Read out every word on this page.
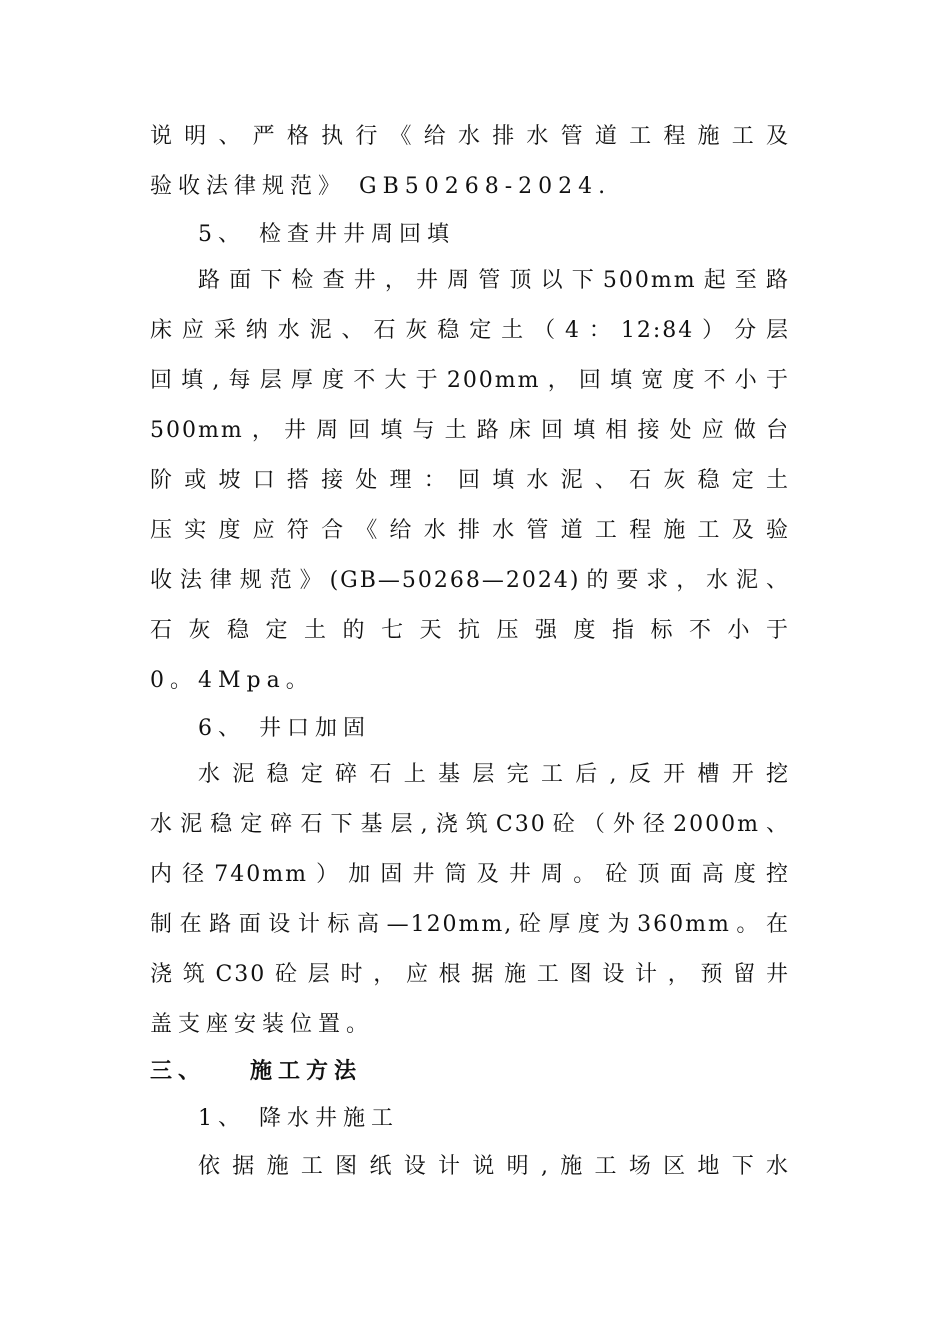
说明、严格执行《给水排水管道工程施工及
验收法律规范》 GB50268-2024.
5、 检查井井周回填
路面下检查井，井周管顶以下500mm起至路
床应采纳水泥、石灰稳定土（4：12:84）分层
回填,每层厚度不大于200mm，回填宽度不小于
500mm，井周回填与土路床回填相接处应做台
阶或坡口搭接处理：回填水泥、石灰稳定土
压实度应符合《给水排水管道工程施工及验
收法律规范》(GB—50268—2024)的要求，水泥、
石灰稳定土的七天抗压强度指标不小于
0。4Mpa。
6、 井口加固
水泥稳定碎石上基层完工后,反开槽开挖
水泥稳定碎石下基层,浇筑C30砼（外径2000m、
内径740mm）加固井筒及井周。砼顶面高度控
制在路面设计标高—120mm,砼厚度为360mm。在
浇筑C30砼层时，应根据施工图设计，预留井
盖支座安装位置。
三、 施工方法
1、 降水井施工
依据施工图纸设计说明,施工场区地下水
